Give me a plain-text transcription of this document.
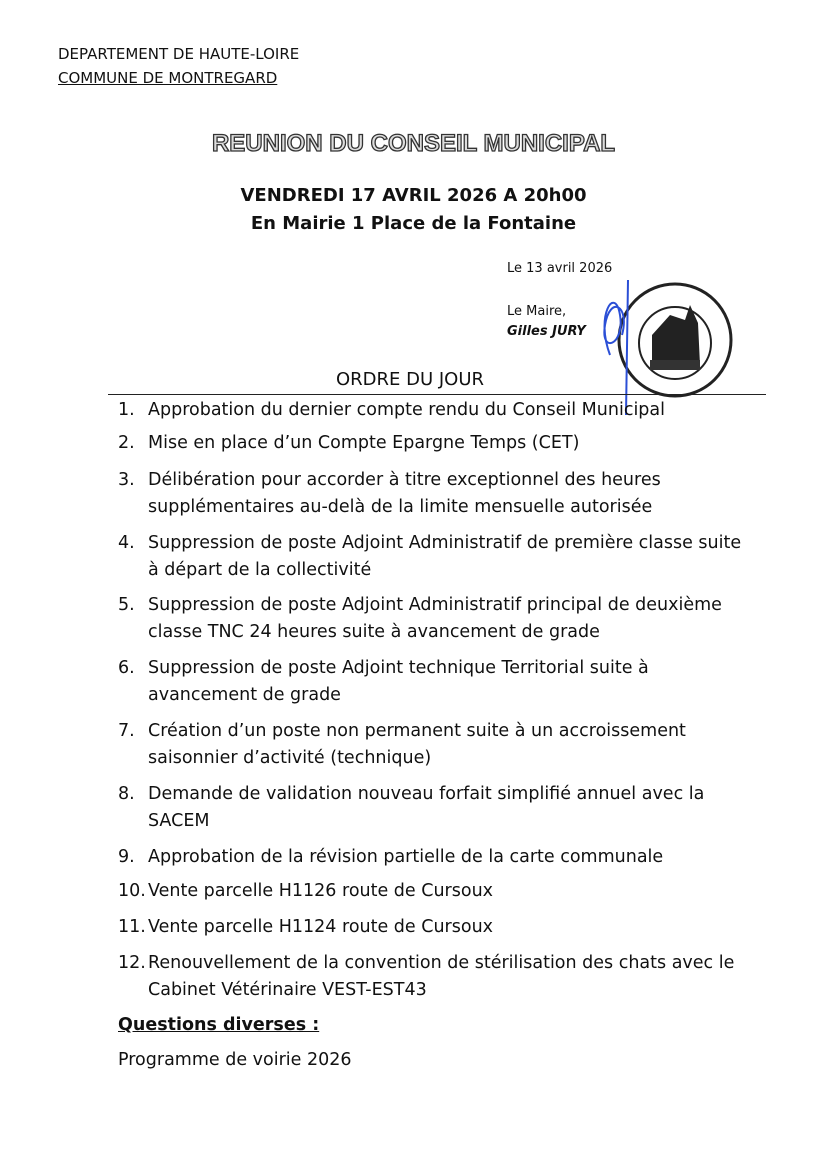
DEPARTEMENT DE HAUTE-LOIRE
COMMUNE DE MONTREGARD
REUNION DU CONSEIL MUNICIPAL
VENDREDI 17 AVRIL 2026 A 20h00
En Mairie 1 Place de la Fontaine
Le 13 avril 2026
Le Maire,
Gilles JURY
ORDRE DU JOUR
1. Approbation du dernier compte rendu du Conseil Municipal
2. Mise en place d’un Compte Epargne Temps (CET)
3. Délibération pour accorder à titre exceptionnel des heures
supplémentaires au-delà de la limite mensuelle autorisée
4. Suppression de poste Adjoint Administratif de première classe suite
à départ de la collectivité
5. Suppression de poste Adjoint Administratif principal de deuxième
classe TNC 24 heures suite à avancement de grade
6. Suppression de poste Adjoint technique Territorial suite à
avancement de grade
7. Création d’un poste non permanent suite à un accroissement
saisonnier d’activité (technique)
8. Demande de validation nouveau forfait simplifié annuel avec la
SACEM
9. Approbation de la révision partielle de la carte communale
10. Vente parcelle H1126 route de Cursoux
11. Vente parcelle H1124 route de Cursoux
12. Renouvellement de la convention de stérilisation des chats avec le
Cabinet Vétérinaire VEST-EST43
Questions diverses :
Programme de voirie 2026
